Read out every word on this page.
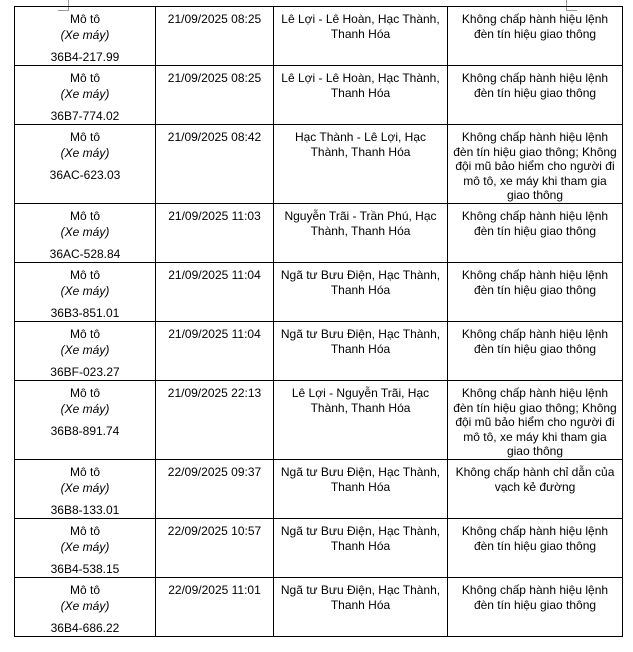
Mô tô
(Xe máy)
36B4-217.99	21/09/2025 08:25	Lê Lợi - Lê Hoàn, Hạc Thành, Thanh Hóa	Không chấp hành hiệu lệnh đèn tín hiệu giao thông

Mô tô
(Xe máy)
36B7-774.02	21/09/2025 08:25	Lê Lợi - Lê Hoàn, Hạc Thành, Thanh Hóa	Không chấp hành hiệu lệnh đèn tín hiệu giao thông

Mô tô
(Xe máy)
36AC-623.03	21/09/2025 08:42	Hạc Thành - Lê Lợi, Hạc Thành, Thanh Hóa	Không chấp hành hiệu lệnh đèn tín hiệu giao thông; Không đội mũ bảo hiểm cho người đi mô tô, xe máy khi tham gia giao thông

Mô tô
(Xe máy)
36AC-528.84	21/09/2025 11:03	Nguyễn Trãi - Trần Phú, Hạc Thành, Thanh Hóa	Không chấp hành hiệu lệnh đèn tín hiệu giao thông

Mô tô
(Xe máy)
36B3-851.01	21/09/2025 11:04	Ngã tư Bưu Điện, Hạc Thành, Thanh Hóa	Không chấp hành hiệu lệnh đèn tín hiệu giao thông

Mô tô
(Xe máy)
36BF-023.27	21/09/2025 11:04	Ngã tư Bưu Điện, Hạc Thành, Thanh Hóa	Không chấp hành hiệu lệnh đèn tín hiệu giao thông

Mô tô
(Xe máy)
36B8-891.74	21/09/2025 22:13	Lê Lợi - Nguyễn Trãi, Hạc Thành, Thanh Hóa	Không chấp hành hiệu lệnh đèn tín hiệu giao thông; Không đội mũ bảo hiểm cho người đi mô tô, xe máy khi tham gia giao thông

Mô tô
(Xe máy)
36B8-133.01	22/09/2025 09:37	Ngã tư Bưu Điện, Hạc Thành, Thanh Hóa	Không chấp hành chỉ dẫn của vạch kẻ đường

Mô tô
(Xe máy)
36B4-538.15	22/09/2025 10:57	Ngã tư Bưu Điện, Hạc Thành, Thanh Hóa	Không chấp hành hiệu lệnh đèn tín hiệu giao thông

Mô tô
(Xe máy)
36B4-686.22	22/09/2025 11:01	Ngã tư Bưu Điện, Hạc Thành, Thanh Hóa	Không chấp hành hiệu lệnh đèn tín hiệu giao thông
